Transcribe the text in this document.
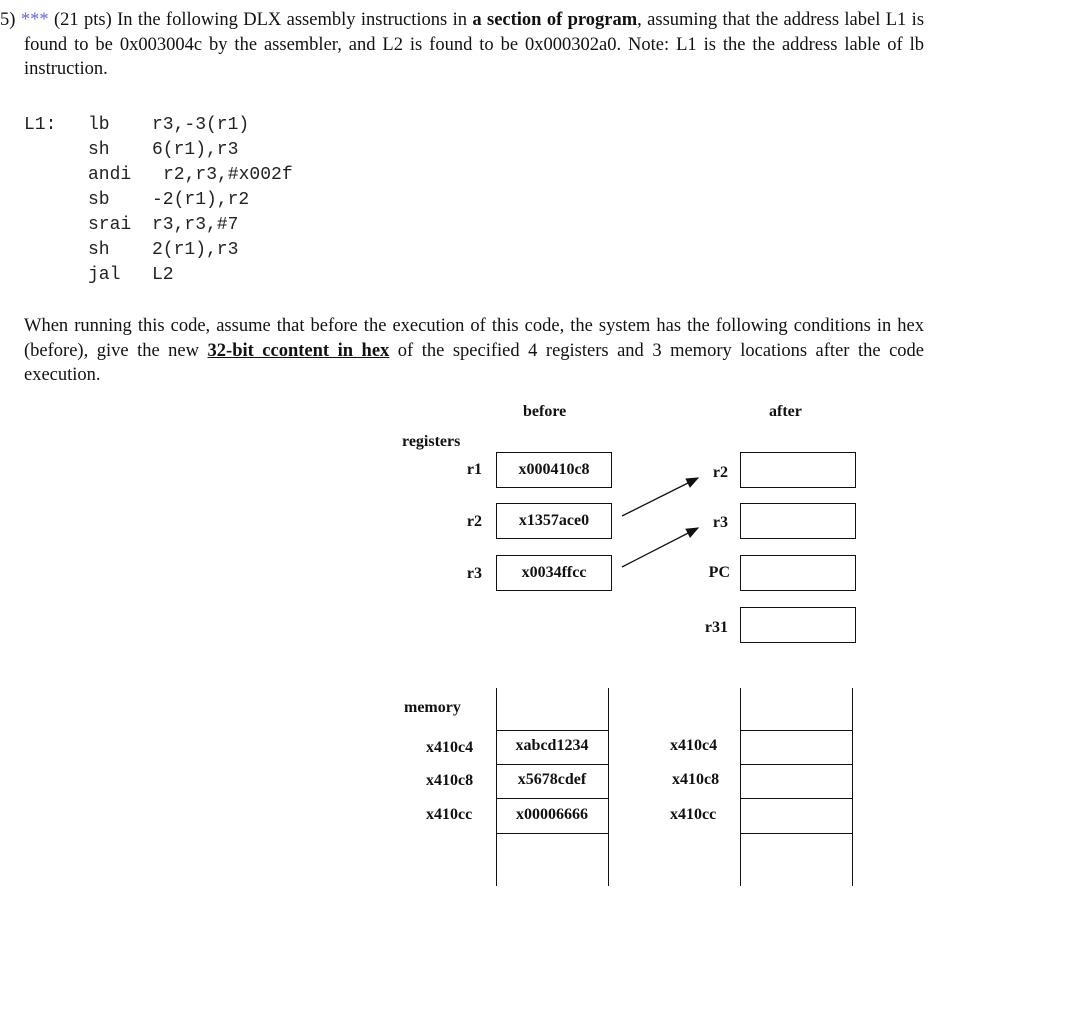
5) *** (21 pts) In the following DLX assembly instructions in a section of program, assuming that the address label L1 is found to be 0x003004c by the assembler, and L2 is found to be 0x000302a0. Note: L1 is the the address lable of lb instruction.
L1: lb r3,-3(r1)
sh 6(r1),r3
andi r2,r3,#x002f
sb -2(r1),r2
srai r3,r3,#7
sh 2(r1),r3
jal L2
When running this code, assume that before the execution of this code, the system has the following conditions in hex (before), give the new 32-bit ccontent in hex of the specified 4 registers and 3 memory locations after the code execution.
before	after
registers
r1	x000410c8
r2	x1357ace0
r3	x0034ffcc
r2
r3
PC
r31
memory
x410c4	xabcd1234
x410c8	x5678cdef
x410cc	x00006666
x410c4
x410c8
x410cc
